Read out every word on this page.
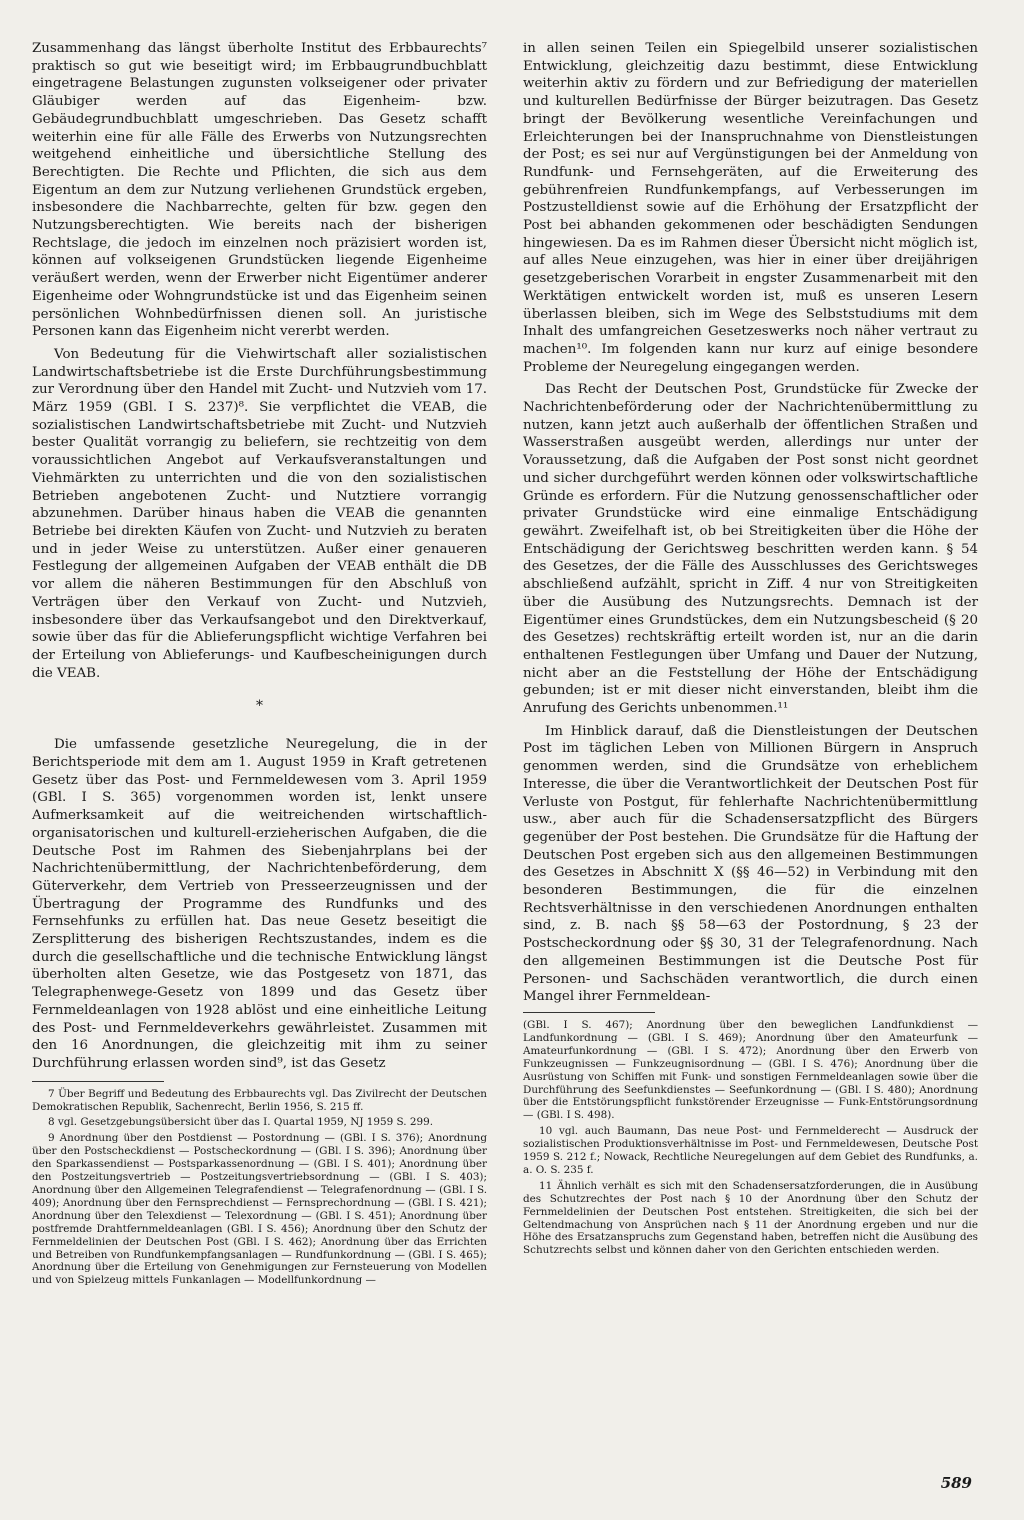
Zusammenhang das längst überholte Institut des Erbbaurechts⁷ praktisch so gut wie beseitigt wird; im Erbbaugrundbuchblatt eingetragene Belastungen zugunsten volkseigener oder privater Gläubiger werden auf das Eigenheim- bzw. Gebäudegrundbuchblatt umgeschrieben. Das Gesetz schafft weiterhin eine für alle Fälle des Erwerbs von Nutzungsrechten weitgehend einheitliche und übersichtliche Stellung des Berechtigten. Die Rechte und Pflichten, die sich aus dem Eigentum an dem zur Nutzung verliehenen Grundstück ergeben, insbesondere die Nachbarrechte, gelten für bzw. gegen den Nutzungsberechtigten. Wie bereits nach der bisherigen Rechtslage, die jedoch im einzelnen noch präzisiert worden ist, können auf volkseigenen Grundstücken liegende Eigenheime veräußert werden, wenn der Erwerber nicht Eigentümer anderer Eigenheime oder Wohngrundstücke ist und das Eigenheim seinen persönlichen Wohnbedürfnissen dienen soll. An juristische Personen kann das Eigenheim nicht vererbt werden.

Von Bedeutung für die Viehwirtschaft aller sozialistischen Landwirtschaftsbetriebe ist die Erste Durchführungsbestimmung zur Verordnung über den Handel mit Zucht- und Nutzvieh vom 17. März 1959 (GBl. I S. 237)⁸. Sie verpflichtet die VEAB, die sozialistischen Landwirtschaftsbetriebe mit Zucht- und Nutzvieh bester Qualität vorrangig zu beliefern, sie rechtzeitig von dem voraussichtlichen Angebot auf Verkaufsveranstaltungen und Viehmärkten zu unterrichten und die von den sozialistischen Betrieben angebotenen Zucht- und Nutztiere vorrangig abzunehmen. Darüber hinaus haben die VEAB die genannten Betriebe bei direkten Käufen von Zucht- und Nutzvieh zu beraten und in jeder Weise zu unterstützen. Außer einer genaueren Festlegung der allgemeinen Aufgaben der VEAB enthält die DB vor allem die näheren Bestimmungen für den Abschluß von Verträgen über den Verkauf von Zucht- und Nutzvieh, insbesondere über das Verkaufsangebot und den Direktverkauf, sowie über das für die Ablieferungspflicht wichtige Verfahren bei der Erteilung von Ablieferungs- und Kaufbescheinigungen durch die VEAB.

*

Die umfassende gesetzliche Neuregelung, die in der Berichtsperiode mit dem am 1. August 1959 in Kraft getretenen Gesetz über das Post- und Fernmeldewesen vom 3. April 1959 (GBl. I S. 365) vorgenommen worden ist, lenkt unsere Aufmerksamkeit auf die weitreichenden wirtschaftlich-organisatorischen und kulturell-erzieherischen Aufgaben, die die Deutsche Post im Rahmen des Siebenjahrplans bei der Nachrichtenübermittlung, der Nachrichtenbeförderung, dem Güterverkehr, dem Vertrieb von Presseerzeugnissen und der Übertragung der Programme des Rundfunks und des Fernsehfunks zu erfüllen hat. Das neue Gesetz beseitigt die Zersplitterung des bisherigen Rechtszustandes, indem es die durch die gesellschaftliche und die technische Entwicklung längst überholten alten Gesetze, wie das Postgesetz von 1871, das Telegraphenwege-Gesetz von 1899 und das Gesetz über Fernmeldeanlagen von 1928 ablöst und eine einheitliche Leitung des Post- und Fernmeldeverkehrs gewährleistet. Zusammen mit den 16 Anordnungen, die gleichzeitig mit ihm zu seiner Durchführung erlassen worden sind⁹, ist das Gesetz

7 Über Begriff und Bedeutung des Erbbaurechts vgl. Das Zivilrecht der Deutschen Demokratischen Republik, Sachenrecht, Berlin 1956, S. 215 ff.

8 vgl. Gesetzgebungsübersicht über das I. Quartal 1959, NJ 1959 S. 299.

9 Anordnung über den Postdienst — Postordnung — (GBl. I S. 376); Anordnung über den Postscheckdienst — Postscheckordnung — (GBl. I S. 396); Anordnung über den Sparkassendienst — Postsparkassenordnung — (GBl. I S. 401); Anordnung über den Postzeitungsvertrieb — Postzeitungsvertriebsordnung — (GBl. I S. 403); Anordnung über den Allgemeinen Telegrafendienst — Telegrafenordnung — (GBl. I S. 409); Anordnung über den Fernsprechdienst — Fernsprechordnung — (GBl. I S. 421); Anordnung über den Telexdienst — Telexordnung — (GBl. I S. 451); Anordnung über postfremde Drahtfernmeldeanlagen (GBl. I S. 456); Anordnung über den Schutz der Fernmeldelinien der Deutschen Post (GBl. I S. 462); Anordnung über das Errichten und Betreiben von Rundfunkempfangsanlagen — Rundfunkordnung — (GBl. I S. 465); Anordnung über die Erteilung von Genehmigungen zur Fernsteuerung von Modellen und von Spielzeug mittels Funkanlagen — Modellfunkordnung —

in allen seinen Teilen ein Spiegelbild unserer sozialistischen Entwicklung, gleichzeitig dazu bestimmt, diese Entwicklung weiterhin aktiv zu fördern und zur Befriedigung der materiellen und kulturellen Bedürfnisse der Bürger beizutragen. Das Gesetz bringt der Bevölkerung wesentliche Vereinfachungen und Erleichterungen bei der Inanspruchnahme von Dienstleistungen der Post; es sei nur auf Vergünstigungen bei der Anmeldung von Rundfunk- und Fernsehgeräten, auf die Erweiterung des gebührenfreien Rundfunkempfangs, auf Verbesserungen im Postzustelldienst sowie auf die Erhöhung der Ersatzpflicht der Post bei abhanden gekommenen oder beschädigten Sendungen hingewiesen. Da es im Rahmen dieser Übersicht nicht möglich ist, auf alles Neue einzugehen, was hier in einer über dreijährigen gesetzgeberischen Vorarbeit in engster Zusammenarbeit mit den Werktätigen entwickelt worden ist, muß es unseren Lesern überlassen bleiben, sich im Wege des Selbststudiums mit dem Inhalt des umfangreichen Gesetzeswerks noch näher vertraut zu machen¹⁰. Im folgenden kann nur kurz auf einige besondere Probleme der Neuregelung eingegangen werden.

Das Recht der Deutschen Post, Grundstücke für Zwecke der Nachrichtenbeförderung oder der Nachrichtenübermittlung zu nutzen, kann jetzt auch außerhalb der öffentlichen Straßen und Wasserstraßen ausgeübt werden, allerdings nur unter der Voraussetzung, daß die Aufgaben der Post sonst nicht geordnet und sicher durchgeführt werden können oder volkswirtschaftliche Gründe es erfordern. Für die Nutzung genossenschaftlicher oder privater Grundstücke wird eine einmalige Entschädigung gewährt. Zweifelhaft ist, ob bei Streitigkeiten über die Höhe der Entschädigung der Gerichtsweg beschritten werden kann. § 54 des Gesetzes, der die Fälle des Ausschlusses des Gerichtsweges abschließend aufzählt, spricht in Ziff. 4 nur von Streitigkeiten über die Ausübung des Nutzungsrechts. Demnach ist der Eigentümer eines Grundstückes, dem ein Nutzungsbescheid (§ 20 des Gesetzes) rechtskräftig erteilt worden ist, nur an die darin enthaltenen Festlegungen über Umfang und Dauer der Nutzung, nicht aber an die Feststellung der Höhe der Entschädigung gebunden; ist er mit dieser nicht einverstanden, bleibt ihm die Anrufung des Gerichts unbenommen.¹¹

Im Hinblick darauf, daß die Dienstleistungen der Deutschen Post im täglichen Leben von Millionen Bürgern in Anspruch genommen werden, sind die Grundsätze von erheblichem Interesse, die über die Verantwortlichkeit der Deutschen Post für Verluste von Postgut, für fehlerhafte Nachrichtenübermittlung usw., aber auch für die Schadensersatzpflicht des Bürgers gegenüber der Post bestehen. Die Grundsätze für die Haftung der Deutschen Post ergeben sich aus den allgemeinen Bestimmungen des Gesetzes in Abschnitt X (§§ 46—52) in Verbindung mit den besonderen Bestimmungen, die für die einzelnen Rechtsverhältnisse in den verschiedenen Anordnungen enthalten sind, z. B. nach §§ 58—63 der Postordnung, § 23 der Postscheckordnung oder §§ 30, 31 der Telegrafenordnung. Nach den allgemeinen Bestimmungen ist die Deutsche Post für Personen- und Sachschäden verantwortlich, die durch einen Mangel ihrer Fernmeldean-

(GBl. I S. 467); Anordnung über den beweglichen Landfunkdienst — Landfunkordnung — (GBl. I S. 469); Anordnung über den Amateurfunk — Amateurfunkordnung — (GBl. I S. 472); Anordnung über den Erwerb von Funkzeugnissen — Funkzeugnisordnung — (GBl. I S. 476); Anordnung über die Ausrüstung von Schiffen mit Funk- und sonstigen Fernmeldeanlagen sowie über die Durchführung des Seefunkdienstes — Seefunkordnung — (GBl. I S. 480); Anordnung über die Entstörungspflicht funkstörender Erzeugnisse — Funk-Entstörungsordnung — (GBl. I S. 498).

10 vgl. auch Baumann, Das neue Post- und Fernmelderecht — Ausdruck der sozialistischen Produktionsverhältnisse im Post- und Fernmeldewesen, Deutsche Post 1959 S. 212 f.; Nowack, Rechtliche Neuregelungen auf dem Gebiet des Rundfunks, a. a. O. S. 235 f.

11 Ähnlich verhält es sich mit den Schadensersatzforderungen, die in Ausübung des Schutzrechtes der Post nach § 10 der Anordnung über den Schutz der Fernmeldelinien der Deutschen Post entstehen. Streitigkeiten, die sich bei der Geltendmachung von Ansprüchen nach § 11 der Anordnung ergeben und nur die Höhe des Ersatzanspruchs zum Gegenstand haben, betreffen nicht die Ausübung des Schutzrechts selbst und können daher von den Gerichten entschieden werden.

589
